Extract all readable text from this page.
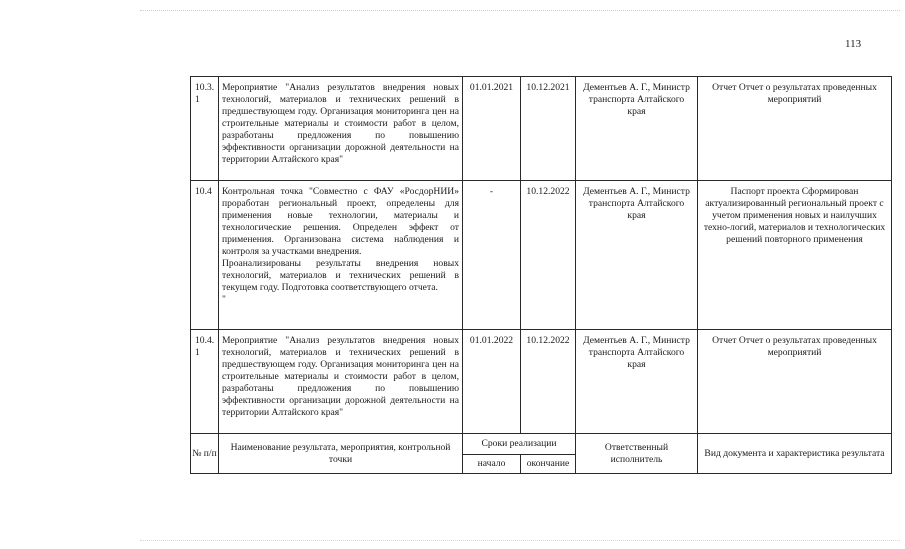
113
10.3.
1	Мероприятие "Анализ результатов внедрения новых технологий, материалов и технических решений в предшествующем году. Организация мониторинга цен на строительные материалы и стоимости работ в целом, разработаны предложения по повышению эффективности организации дорожной деятельности на территории Алтайского края"	01.01.2021	10.12.2021	Дементьев А. Г., Министр транспорта Алтайского края	Отчет Отчет о результатах проведенных мероприятий
10.4	Контрольная точка "Совместно с ФАУ «РосдорНИИ» проработан региональный проект, определены для применения новые технологии, материалы и технологические решения. Определен эффект от применения. Организована система наблюдения и контроля за участками внедрения.
Проанализированы результаты внедрения новых технологий, материалов и технических решений в текущем году. Подготовка соответствующего отчета.
"	-	10.12.2022	Дементьев А. Г., Министр транспорта Алтайского края	Паспорт проекта Сформирован актуализированный региональный проект с учетом применения новых и наилучших техно-логий, материалов и технологических решений повторного применения
10.4.
1	Мероприятие "Анализ результатов внедрения новых технологий, материалов и технических решений в предшествующем году. Организация мониторинга цен на строительные материалы и стоимости работ в целом, разработаны предложения по повышению эффективности организации дорожной деятельности на территории Алтайского края"	01.01.2022	10.12.2022	Дементьев А. Г., Министр транспорта Алтайского края	Отчет Отчет о результатах проведенных мероприятий
№ п/п	Наименование результата, мероприятия, контрольной точки	Сроки реализации		Ответственный исполнитель	Вид документа и характеристика результата
		начало	окончание		
